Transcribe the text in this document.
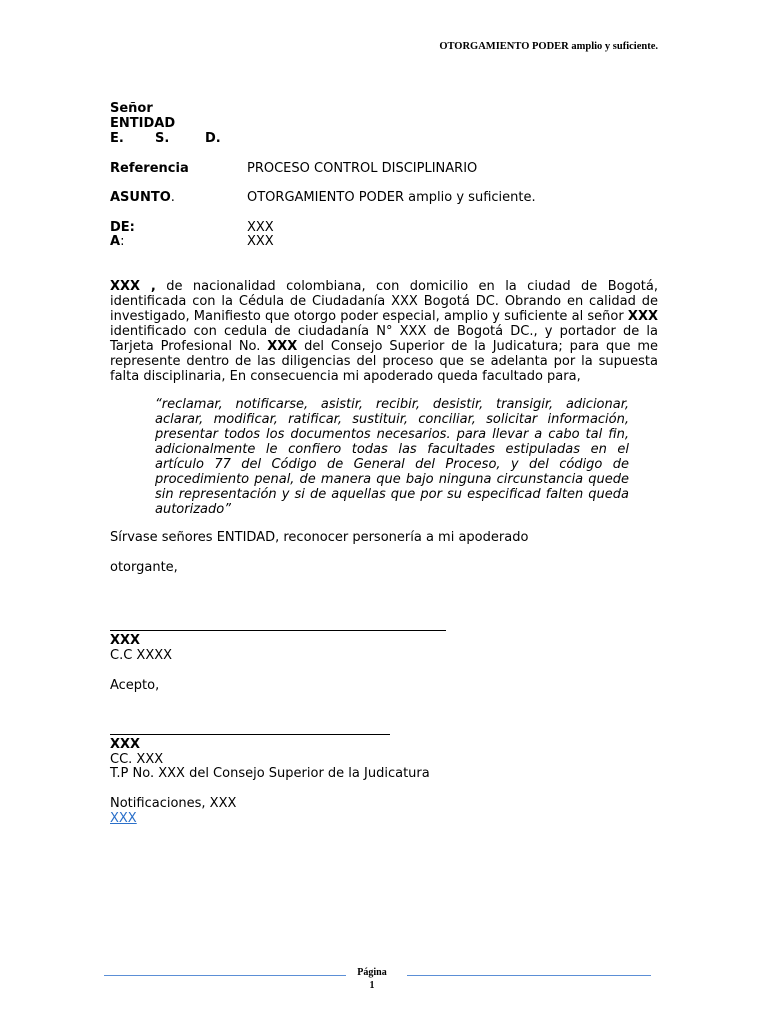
OTORGAMIENTO PODER amplio y suficiente.
Señor
ENTIDAD
E. S.	D.
Referencia	PROCESO CONTROL DISCIPLINARIO
ASUNTO.	OTORGAMIENTO PODER amplio y suficiente.
DE:	XXX
A:	XXX
XXX , de nacionalidad colombiana, con domicilio en la ciudad de Bogotá, identificada con la Cédula de Ciudadanía XXX Bogotá DC. Obrando en calidad de investigado, Manifiesto que otorgo poder especial, amplio y suficiente al señor XXX identificado con cedula de ciudadanía N° XXX de Bogotá DC., y portador de la Tarjeta Profesional No. XXX del Consejo Superior de la Judicatura; para que me represente dentro de las diligencias del proceso que se adelanta por la supuesta falta disciplinaria, En consecuencia mi apoderado queda facultado para,
“reclamar, notificarse, asistir, recibir, desistir, transigir, adicionar, aclarar, modificar, ratificar, sustituir, conciliar, solicitar información, presentar todos los documentos necesarios. para llevar a cabo tal fin, adicionalmente le confiero todas las facultades estipuladas en el artículo 77 del Código de General del Proceso, y del código de procedimiento penal, de manera que bajo ninguna circunstancia quede sin representación y si de aquellas que por su especificad falten queda autorizado”
Sírvase señores ENTIDAD, reconocer personería a mi apoderado
otorgante,
XXX
C.C XXXX
Acepto,
XXX
CC. XXX
T.P No. XXX del Consejo Superior de la Judicatura
Notificaciones, XXX
XXX
Página
1
